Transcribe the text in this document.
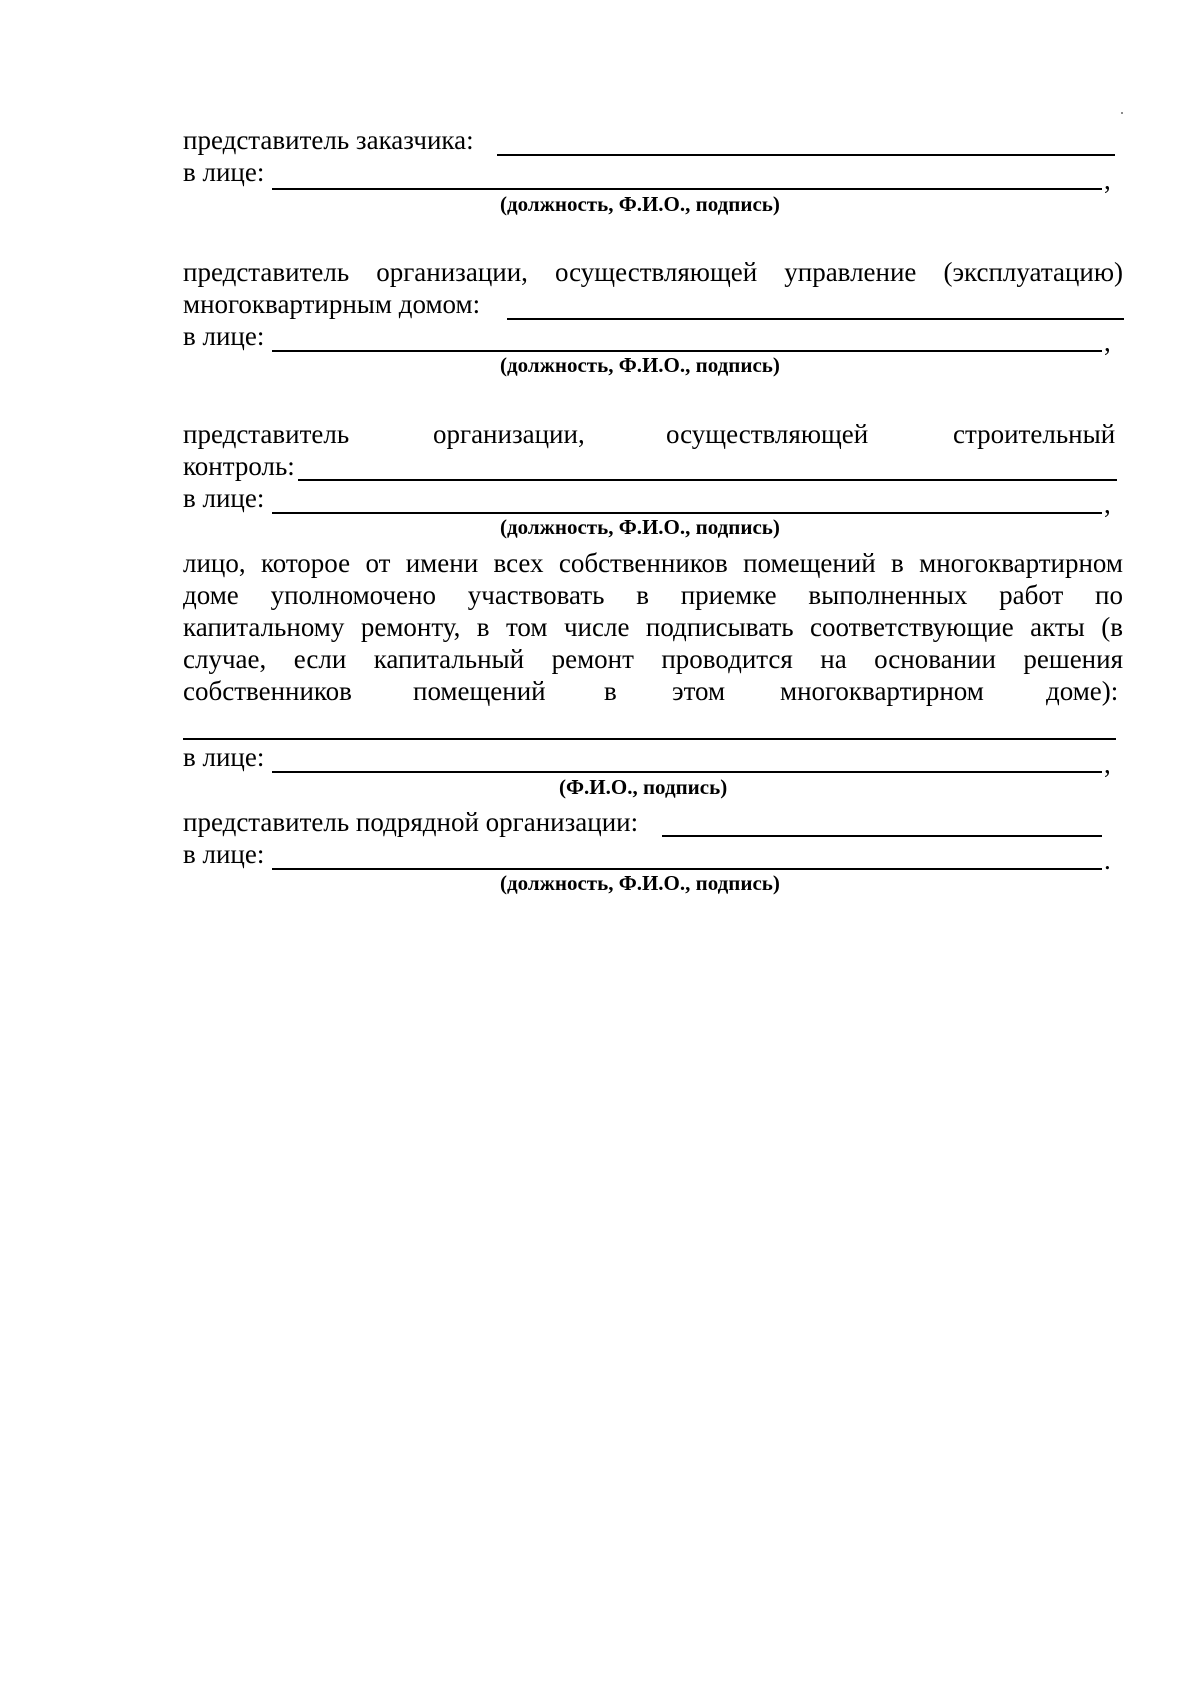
представитель заказчика:
в лице:	,
(должность, Ф.И.О., подпись)
представитель организации, осуществляющей управление (эксплуатацию)
многоквартирным домом:
в лице:	,
(должность, Ф.И.О., подпись)
представитель	организации,	осуществляющей	строительный
контроль:
в лице:	,
(должность, Ф.И.О., подпись)
лицо, которое от имени всех собственников помещений в многоквартирном
доме уполномочено участвовать в приемке выполненных работ по
капитальному ремонту, в том числе подписывать соответствующие акты (в
случае, если капитальный ремонт проводится на основании решения
собственников помещений в этом многоквартирном доме):
в лице:	,
(Ф.И.О., подпись)
представитель подрядной организации:
в лице:	.
(должность, Ф.И.О., подпись)
